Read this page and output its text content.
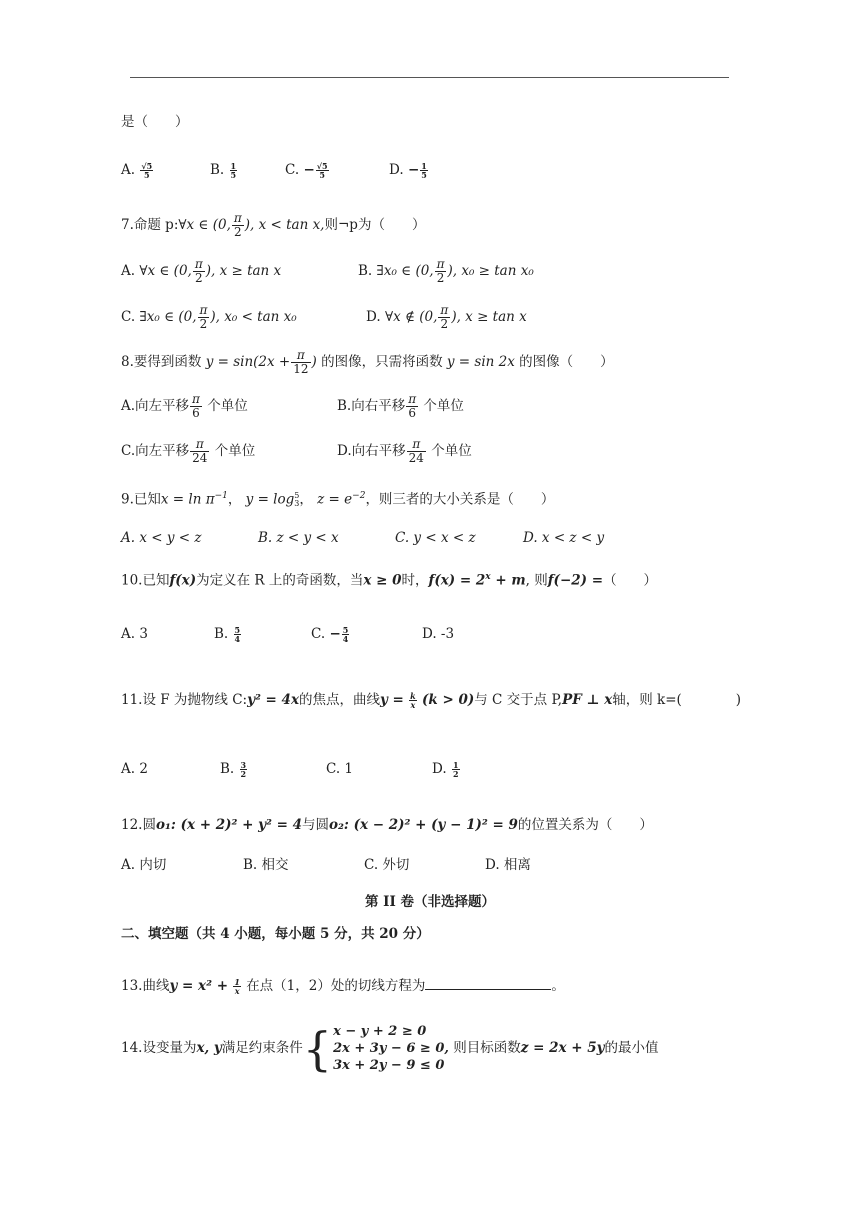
是（　　）
A. $\frac{√5}{5}$	B. $\frac{1}{5}$	C. − $\frac{√5}{5}$	D. − $\frac{1}{5}$
7.命题 p:∀x ∈ (0, $\frac{\pi}{2}$ ), x < tan x,则¬p为（　　）
A. ∀x ∈ (0, $\frac{\pi}{2}$ ), x ≥ tan x	B. ∃x₀ ∈ (0, $\frac{\pi}{2}$ ), x₀ ≥ tan x₀
C. ∃x₀ ∈ (0, $\frac{\pi}{2}$ ), x₀ < tan x₀	D. ∀x ∉ (0, $\frac{\pi}{2}$ ), x ≥ tan x
8.要得到函数 $y = \sin(2x + \frac{\pi}{12}$ ) 的图像，只需将函数 y = sin 2x 的图像（　　）
A.向左平移 $\frac{\pi}{6}$ 个单位	B.向右平移 $\frac{\pi}{6}$ 个单位
C.向左平移 $\frac{\pi}{24}$ 个单位	D.向右平移 $\frac{\pi}{24}$ 个单位
9.已知$x = \ln \pi^{-1}$， y = log 5
3 ， $z = e^{-2}$，则三者的大小关系是（　　）
A. x < y < z	B. z < y < x	C. y < x < z	D. x < z < y
10.已知f(x)为定义在 R 上的奇函数，当x ≥ 0时，$f(x) = 2^x + m$, 则f(−2) =（　　）
A. 3	B. $\frac{5}{4}$	C. − $\frac{5}{4}$	D. -3
11.设 F 为抛物线 C:y² = 4x的焦点，曲线$y = \frac{k}{x} (k > 0)$与 C 交于点 P,PF ⊥ x轴，则 k=(　　　　)
A. 2	B. $\frac{3}{2}$	C. 1	D. $\frac{1}{2}$
12.圆o₁: (x + 2)² + y² = 4与圆o₂: (x − 2)² + (y − 1)² = 9的位置关系为（　　）
A. 内切	B. 相交	C. 外切	D. 相离
第 II 卷（非选择题）
二、填空题（共 4 小题，每小题 5 分，共 20 分）
13.曲线$y = x^2 + \frac{1}{x}$ 在点（1，2）处的切线方程为	。
14.设变量为x, y满足约束条件{ x − y + 2 ≥ 0
2x + 3y − 6 ≥ 0,
3x + 2y − 9 ≤ 0
则目标函数z = 2x + 5y的最小值
